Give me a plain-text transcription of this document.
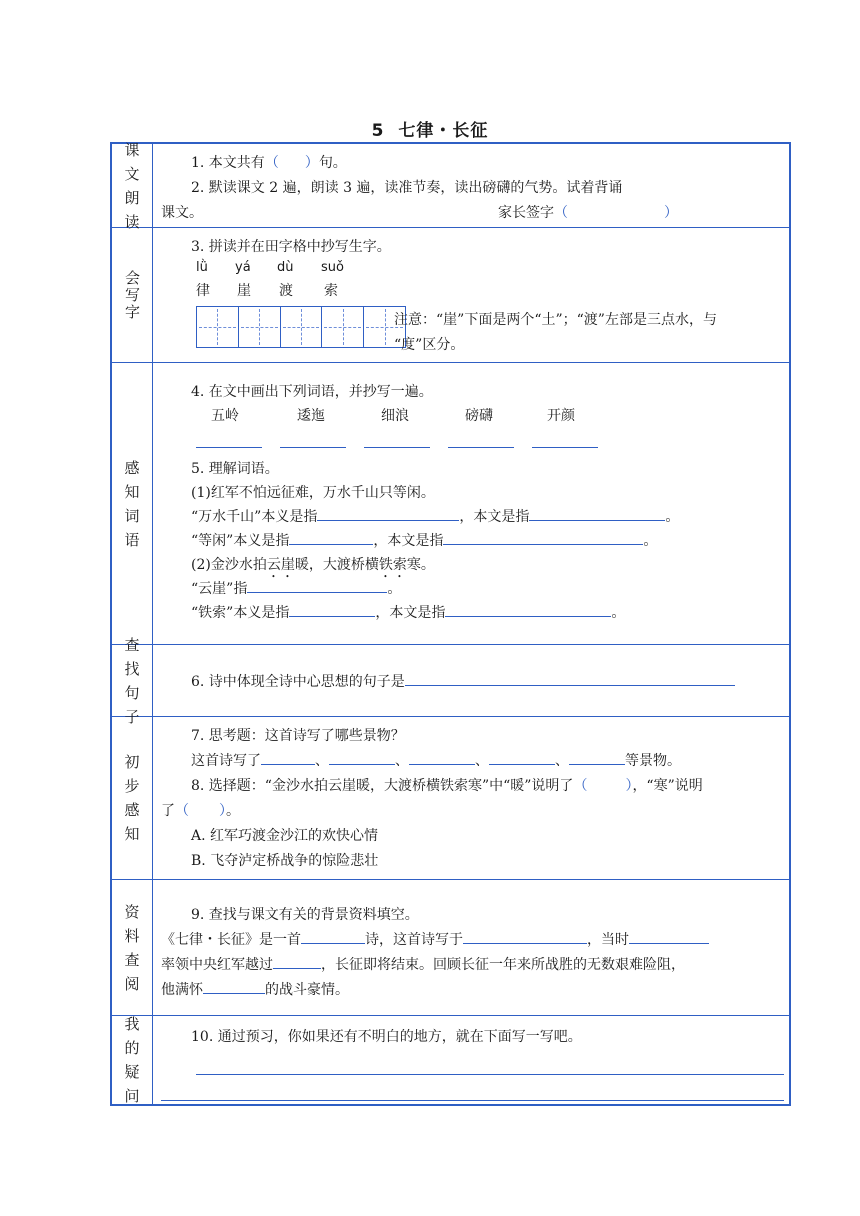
5 七律・长征
课文朗读
1. 本文共有（ ）句。
2. 默读课文 2 遍，朗读 3 遍，读准节奏，读出磅礴的气势。试着背诵
课文。	家长签字（	）
会写字
3. 拼读并在田字格中抄写生字。
lǜ yá dù suǒ
律 崖 渡 索
注意：“崖”下面是两个“土”；“渡”左部是三点水，与
“度”区分。
感知词语
4. 在文中画出下列词语，并抄写一遍。
五岭	逶迤	细浪	磅礴	开颜
5. 理解词语。
(1)红军不怕远征难，万水千山只等闲。
“万水千山”本义是指	，本文是指	。
“等闲”本义是指	，本文是指	。
(2)金沙水拍云崖暖，大渡桥横铁索寒。
“云崖”指	。
“铁索”本义是指	，本文是指	。
查找句子
6. 诗中体现全诗中心思想的句子是
初步感知
7. 思考题：这首诗写了哪些景物？
这首诗写了	、	、	、	、	等景物。
8. 选择题：“金沙水拍云崖暖，大渡桥横铁索寒”中“暖”说明了（	），“寒”说明
了（ ）。
A. 红军巧渡金沙江的欢快心情
B. 飞夺泸定桥战争的惊险悲壮
资料查阅
9. 查找与课文有关的背景资料填空。
《七律・长征》是一首	诗，这首诗写于	，当时
率领中央红军越过	，长征即将结束。回顾长征一年来所战胜的无数艰难险阻，
他满怀	的战斗豪情。
我的疑问
10. 通过预习，你如果还有不明白的地方，就在下面写一写吧。
